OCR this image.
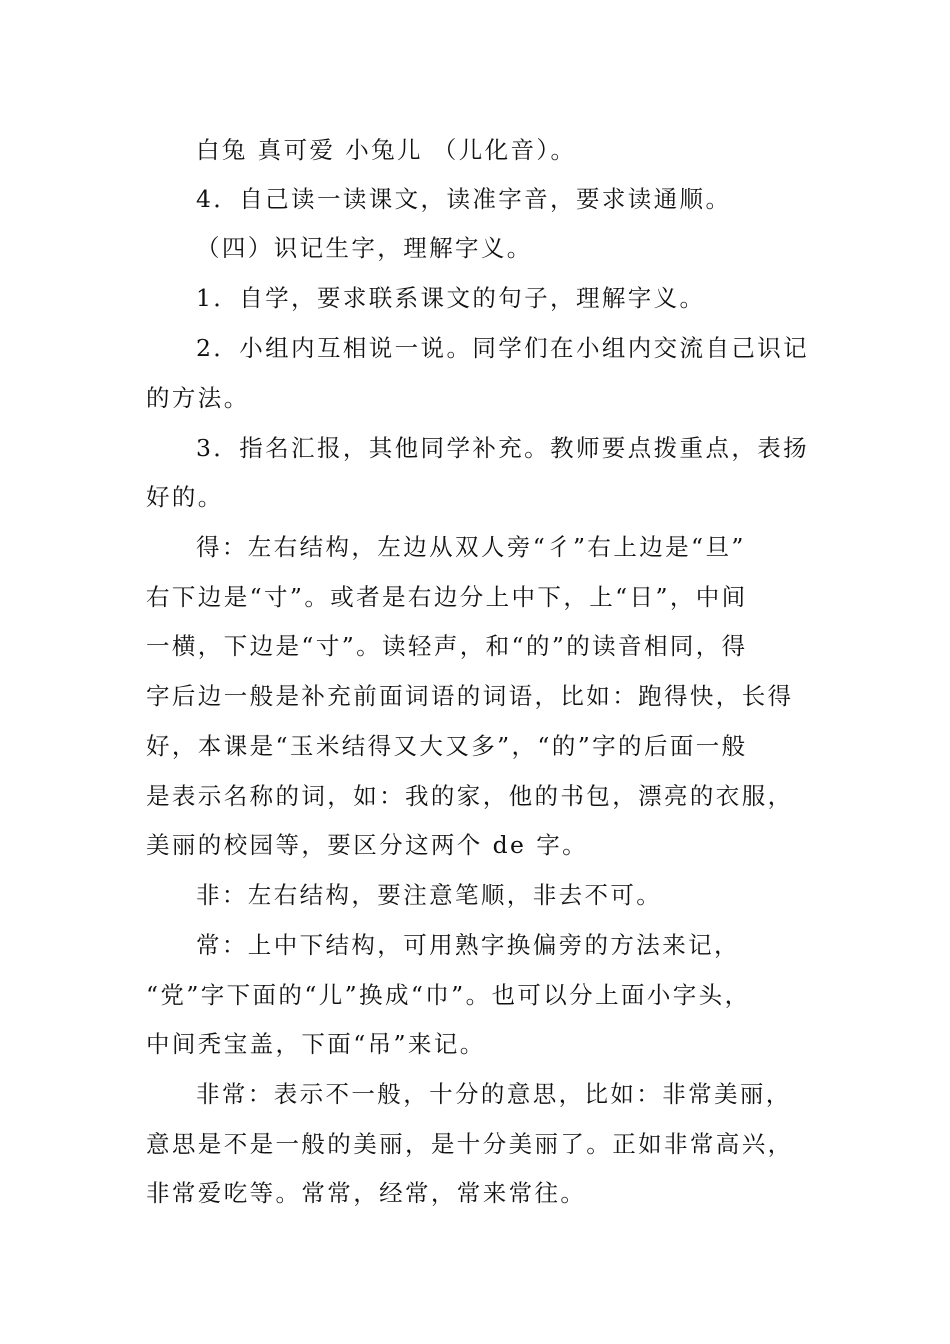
白兔 真可爱 小兔儿 （儿化音）。
4．自己读一读课文，读准字音，要求读通顺。
（四）识记生字，理解字义。
1．自学，要求联系课文的句子，理解字义。
2．小组内互相说一说。同学们在小组内交流自己识记
的方法。
3．指名汇报，其他同学补充。教师要点拨重点，表扬
好的。
得：左右结构，左边从双人旁“彳”右上边是“旦”
右下边是“寸”。或者是右边分上中下，上“日”，中间
一横，下边是“寸”。读轻声，和“的”的读音相同，得
字后边一般是补充前面词语的词语，比如：跑得快，长得
好，本课是“玉米结得又大又多”，“的”字的后面一般
是表示名称的词，如：我的家，他的书包，漂亮的衣服，
美丽的校园等，要区分这两个 de 字。
非：左右结构，要注意笔顺，非去不可。
常：上中下结构，可用熟字换偏旁的方法来记，
“党”字下面的“儿”换成“巾”。也可以分上面小字头，
中间秃宝盖，下面“吊”来记。
非常：表示不一般，十分的意思，比如：非常美丽，
意思是不是一般的美丽，是十分美丽了。正如非常高兴，
非常爱吃等。常常，经常，常来常往。
